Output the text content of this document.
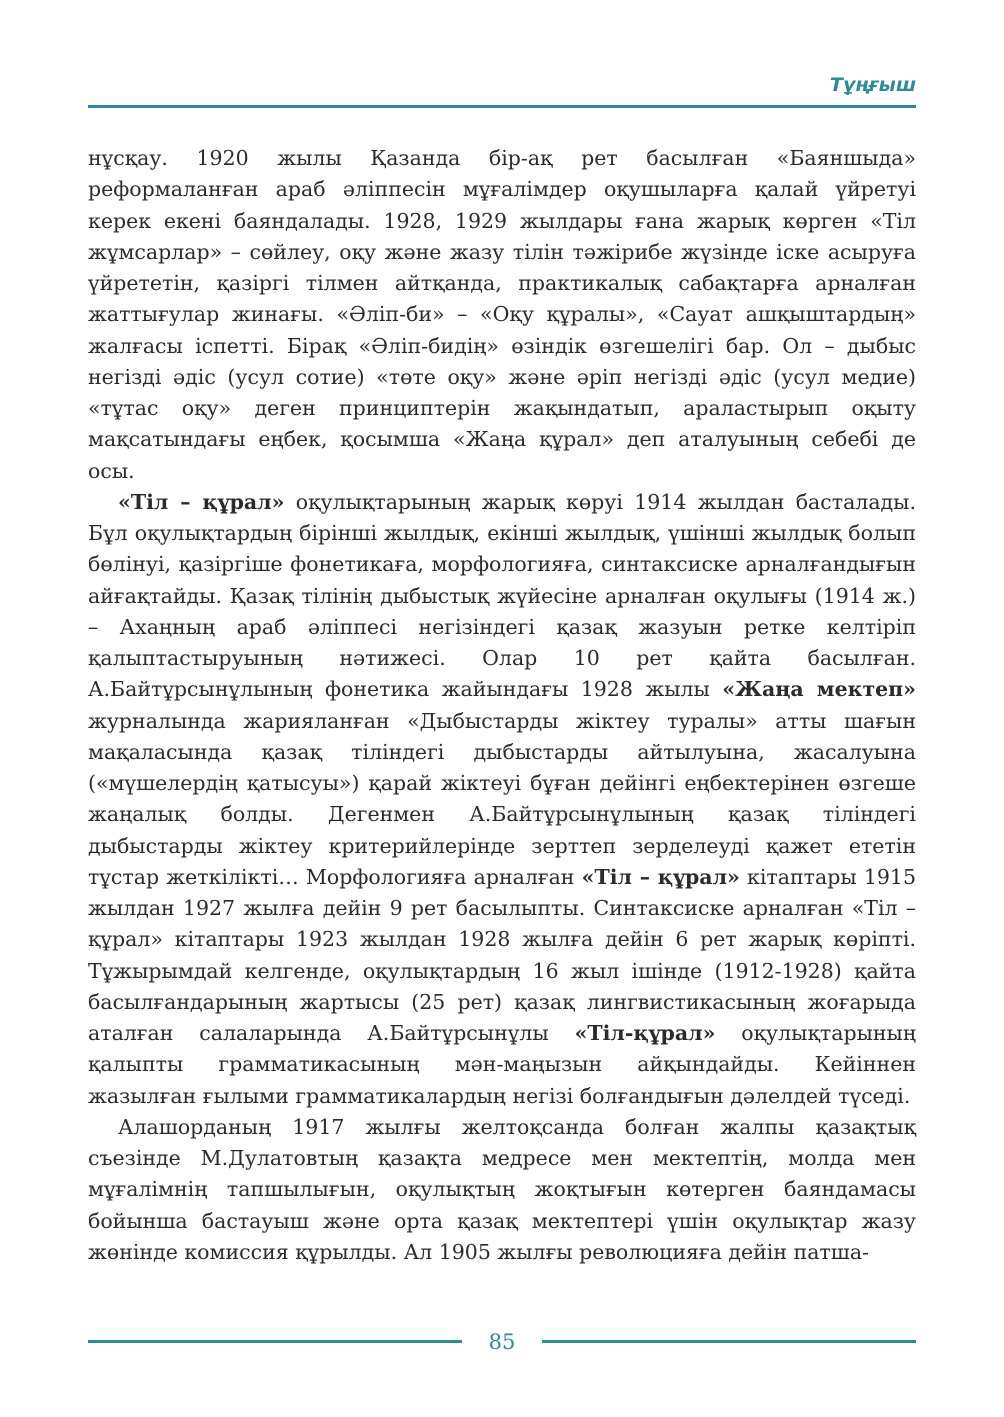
Тұңғыш

нұсқау. 1920 жылы Қазанда бір-ақ рет басылған «Баяншыда» реформаланған араб әліппесін мұғалімдер оқушыларға қалай үйретуі керек екені баяндалады. 1928, 1929 жылдары ғана жарық көрген «Тіл жұмсарлар» – сөйлеу, оқу және жазу тілін тәжірибе жүзінде іске асыруға үйрететін, қазіргі тілмен айтқанда, практикалық сабақтарға арналған жаттығулар жинағы. «Әліп-би» – «Оқу құралы», «Сауат ашқыштардың» жалғасы іспетті. Бірақ «Әліп-бидің» өзіндік өзгешелігі бар. Ол – дыбыс негізді әдіс (усул сотие) «төте оқу» және әріп негізді әдіс (усул медие) «тұтас оқу» деген принциптерін жақындатып, араластырып оқыту мақсатындағы еңбек, қосымша «Жаңа құрал» деп аталуының себебі де осы.

«Тіл – құрал» оқулықтарының жарық көруі 1914 жылдан басталады. Бұл оқулықтардың бірінші жылдық, екінші жылдық, үшінші жылдық болып бөлінуі, қазіргіше фонетикаға, морфологияға, синтаксиске арналғандығын айғақтайды. Қазақ тілінің дыбыстық жүйесіне арналған оқулығы (1914 ж.) – Ахаңның араб әліппесі негізіндегі қазақ жазуын ретке келтіріп қалыптастыруының нәтижесі. Олар 10 рет қайта басылған. А.Байтұрсынұлының фонетика жайындағы 1928 жылы «Жаңа мектеп» журналында жарияланған «Дыбыстарды жіктеу туралы» атты шағын мақаласында қазақ тіліндегі дыбыстарды айтылуына, жасалуына («мүшелердің қатысуы») қарай жіктеуі бұған дейінгі еңбектерінен өзгеше жаңалық болды. Дегенмен А.Байтұрсынұлының қазақ тіліндегі дыбыстарды жіктеу критерийлерінде зерттеп зерделеуді қажет ететін тұстар жеткілікті… Морфологияға арналған «Тіл – құрал» кітаптары 1915 жылдан 1927 жылға дейін 9 рет басылыпты. Синтаксиске арналған «Тіл – құрал» кітаптары 1923 жылдан 1928 жылға дейін 6 рет жарық көріпті. Тұжырымдай келгенде, оқулықтардың 16 жыл ішінде (1912-1928) қайта басылғандарының жартысы (25 рет) қазақ лингвистикасының жоғарыда аталған салаларында А.Байтұрсынұлы «Тіл-құрал» оқулықтарының қалыпты грамматикасының мән-маңызын айқындайды. Кейіннен жазылған ғылыми грамматикалардың негізі болғандығын дәлелдей түседі.

Алашорданың 1917 жылғы желтоқсанда болған жалпы қазақтық съезінде М.Дулатовтың қазақта медресе мен мектептің, молда мен мұғалімнің тапшылығын, оқулықтың жоқтығын көтерген баяндамасы бойынша бастауыш және орта қазақ мектептері үшін оқулықтар жазу жөнінде комиссия құрылды. Ал 1905 жылғы революцияға дейін патша-

85
